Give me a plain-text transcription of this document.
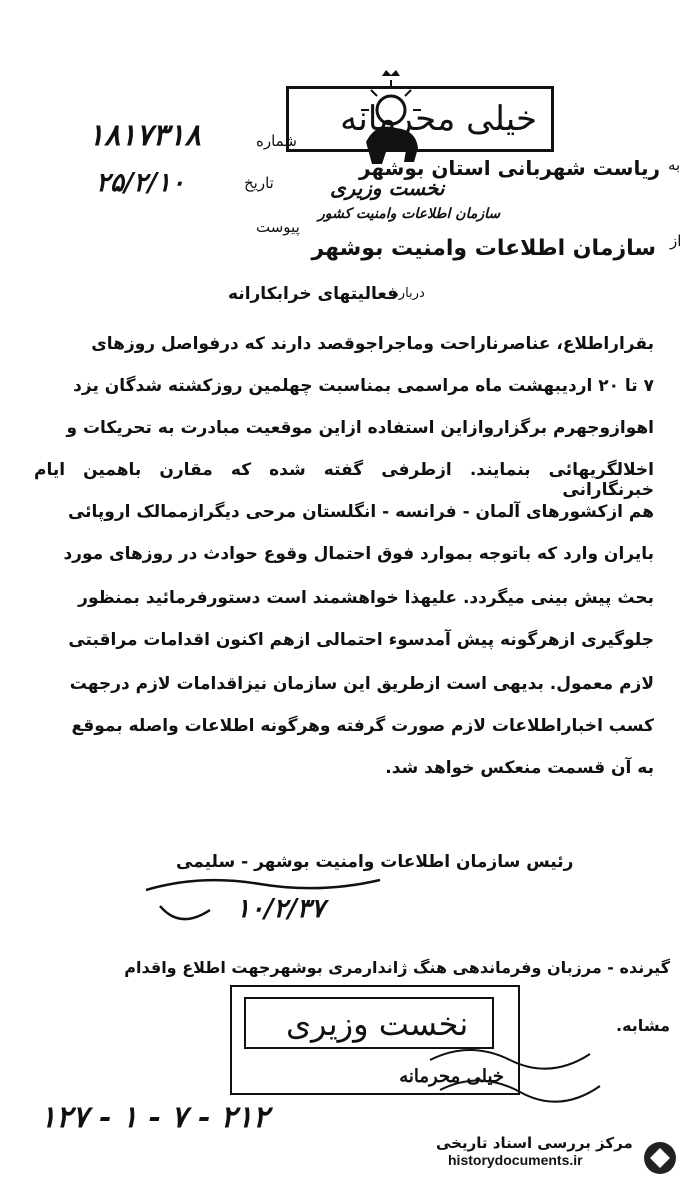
خیلی محرمانه
۱۸۱۷۳۱۸	شماره
۲۵/۲/۱۰	تاریخ
پیوست
به
ریاست شهربانی استان بوشهر
نخست وزیری
سازمان اطلاعات وامنیت کشور
از
سازمان اطلاعات وامنیت بوشهر
درباره
فعالیتهای خرابکارانه
بقراراطلاع، عناصرناراحت وماجراجوقصد دارند که درفواصل روزهای
۷ تا ۲۰ اردیبهشت ماه مراسمی بمناسبت چهلمین روزکشته شدگان یزد
اهوازوجهرم برگزاروازاین استفاده ازاین موقعیت مبادرت به تحریکات و
اخلالگریهائی بنمایند. ازطرفی گفته شده که مقارن باهمین ایام خبرنگارانی
هم ازکشورهای آلمان - فرانسه - انگلستان مرحی دیگرازممالک اروپائی
بایران وارد که باتوجه بموارد فوق احتمال وقوع حوادث در روزهای مورد
بحث پیش بینی میگردد. علیهذا خواهشمند است دستورفرمائید بمنظور
جلوگیری ازهرگونه پیش آمدسوء احتمالی ازهم اکنون اقدامات مراقبتی
لازم معمول. بدیهی است ازطریق این سازمان نیزاقدامات لازم درجهت
کسب اخباراطلاعات لازم صورت گرفته وهرگونه اطلاعات واصله بموقع
به آن قسمت منعکس خواهد شد.
رئیس سازمان اطلاعات وامنیت بوشهر - سلیمی
۱۰/۲/۳۷
گیرنده - مرزبان وفرماندهی هنگ ژاندارمری بوشهرجهت اطلاع واقدام
مشابه.
نخست وزیری
خیلی محرمانه
۱۲۷ - ۱ - ۷ - ۲۱۲
مرکز بررسی اسناد تاریخی
historydocuments.ir
